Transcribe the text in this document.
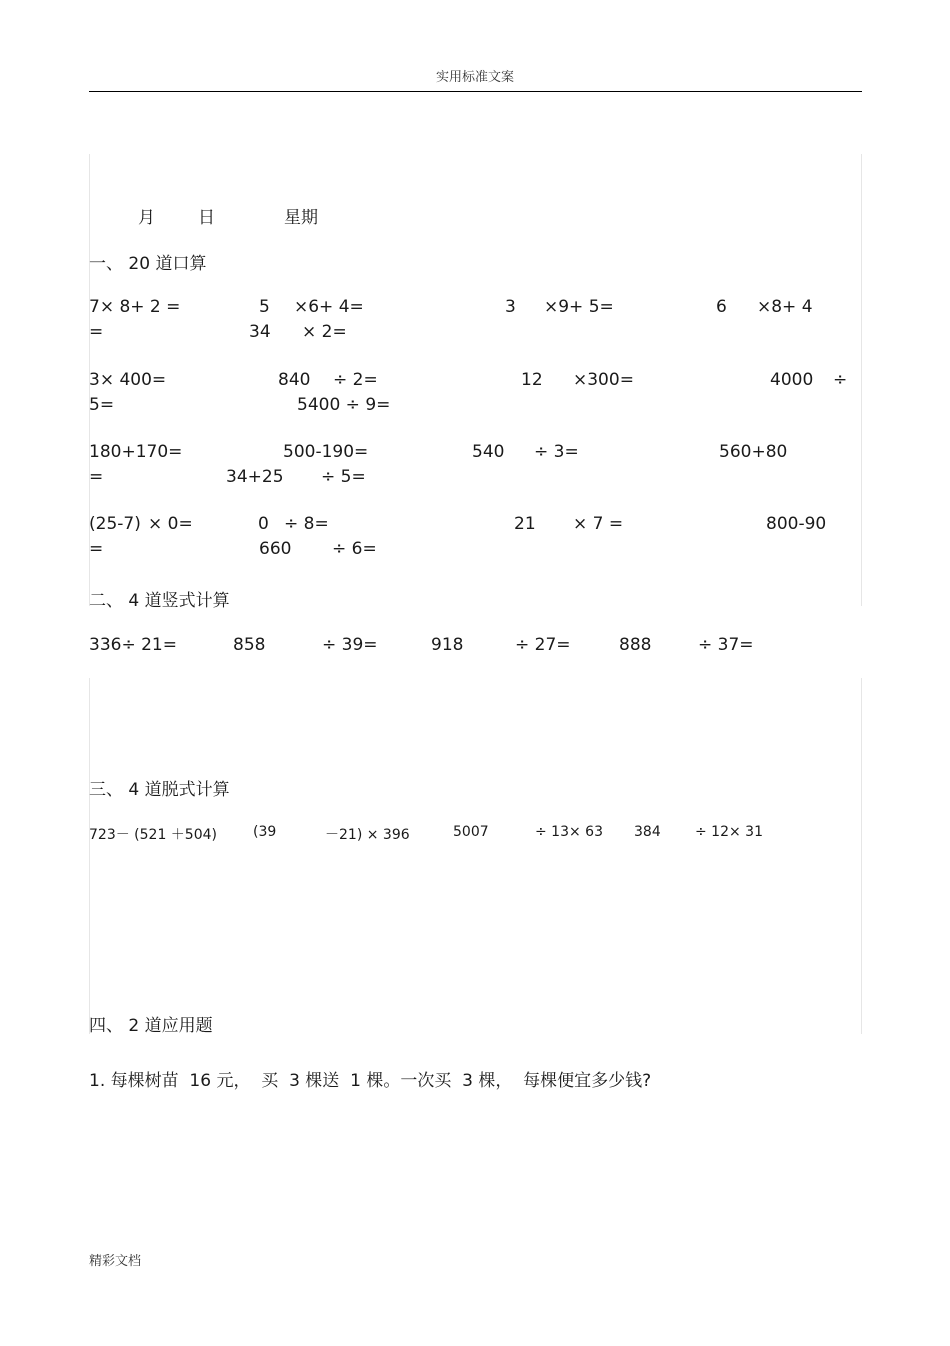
实用标准文案
月	日	星期
一、 20 道口算
7× 8+ 2 =	5 ×6+ 4=	3 ×9+ 5=	6 ×8+ 4
=	34 × 2=
3× 400=	840 ÷ 2=	12 ×300=	4000 ÷
5=	5400 ÷ 9=
180+170=	500-190=	540 ÷ 3=	560+80
=	34+25 ÷ 5=
(25-7) × 0=	0 ÷ 8=	21 × 7 =	800-90
=	660 ÷ 6=
二、 4 道竖式计算
336÷ 21=	858	÷ 39=	918	÷ 27=	888	÷ 37=
三、 4 道脱式计算
723－ (521 ＋504)	(39	－21) × 396	5007	÷ 13× 63 384 ÷ 12× 31
四、 2 道应用题
1. 每棵树苗  16 元，  买  3 棵送  1 棵。一次买  3 棵，  每棵便宜多少钱?
精彩文档
